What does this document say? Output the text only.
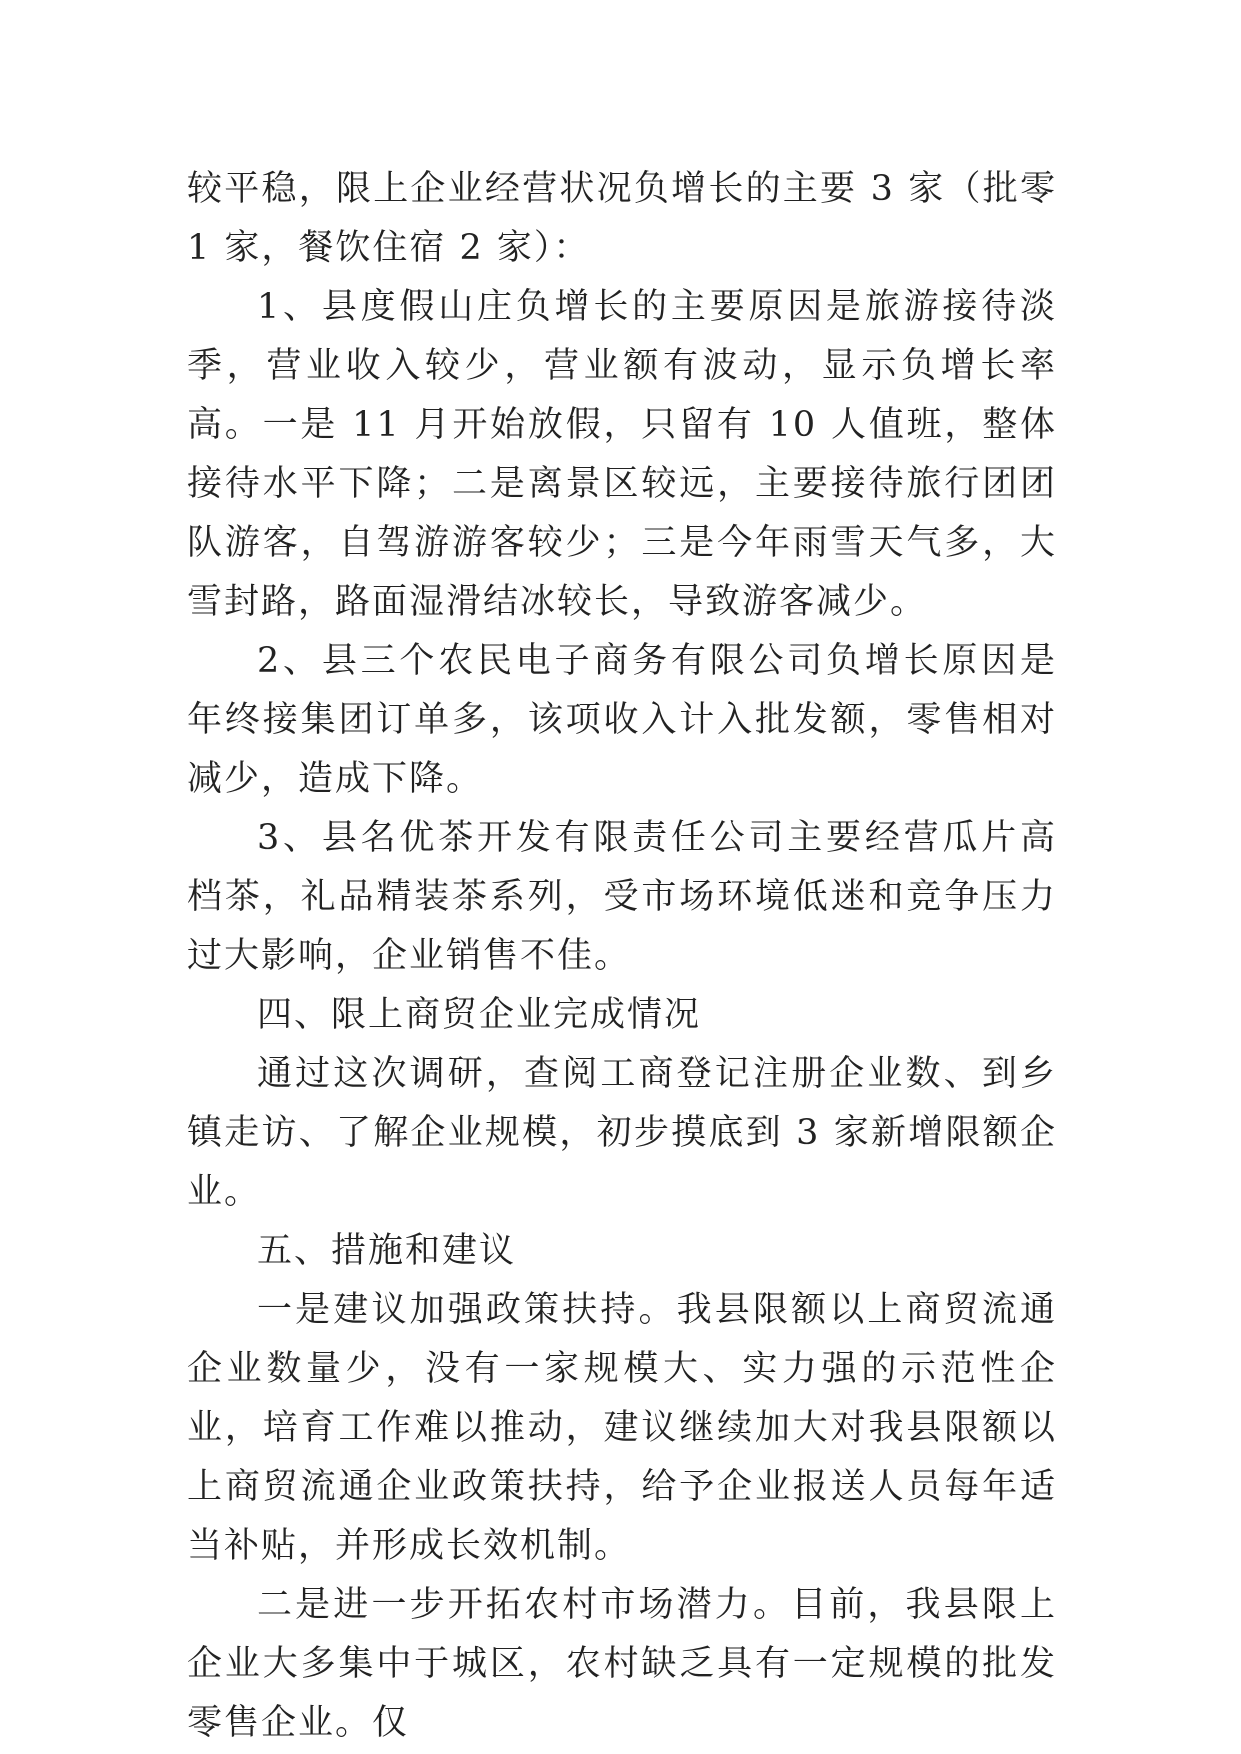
较平稳，限上企业经营状况负增长的主要 3 家（批零 1 家，餐饮住宿 2 家）：

1、县度假山庄负增长的主要原因是旅游接待淡季，营业收入较少，营业额有波动，显示负增长率高。一是 11 月开始放假，只留有 10 人值班，整体接待水平下降；二是离景区较远，主要接待旅行团团队游客，自驾游游客较少；三是今年雨雪天气多，大雪封路，路面湿滑结冰较长，导致游客减少。

2、县三个农民电子商务有限公司负增长原因是年终接集团订单多，该项收入计入批发额，零售相对减少，造成下降。

3、县名优茶开发有限责任公司主要经营瓜片高档茶，礼品精装茶系列，受市场环境低迷和竞争压力过大影响，企业销售不佳。

四、限上商贸企业完成情况

通过这次调研，查阅工商登记注册企业数、到乡镇走访、了解企业规模，初步摸底到 3 家新增限额企业。

五、措施和建议

一是建议加强政策扶持。我县限额以上商贸流通企业数量少，没有一家规模大、实力强的示范性企业，培育工作难以推动，建议继续加大对我县限额以上商贸流通企业政策扶持，给予企业报送人员每年适当补贴，并形成长效机制。

二是进一步开拓农村市场潜力。目前，我县限上企业大多集中于城区，农村缺乏具有一定规模的批发零售企业。仅
